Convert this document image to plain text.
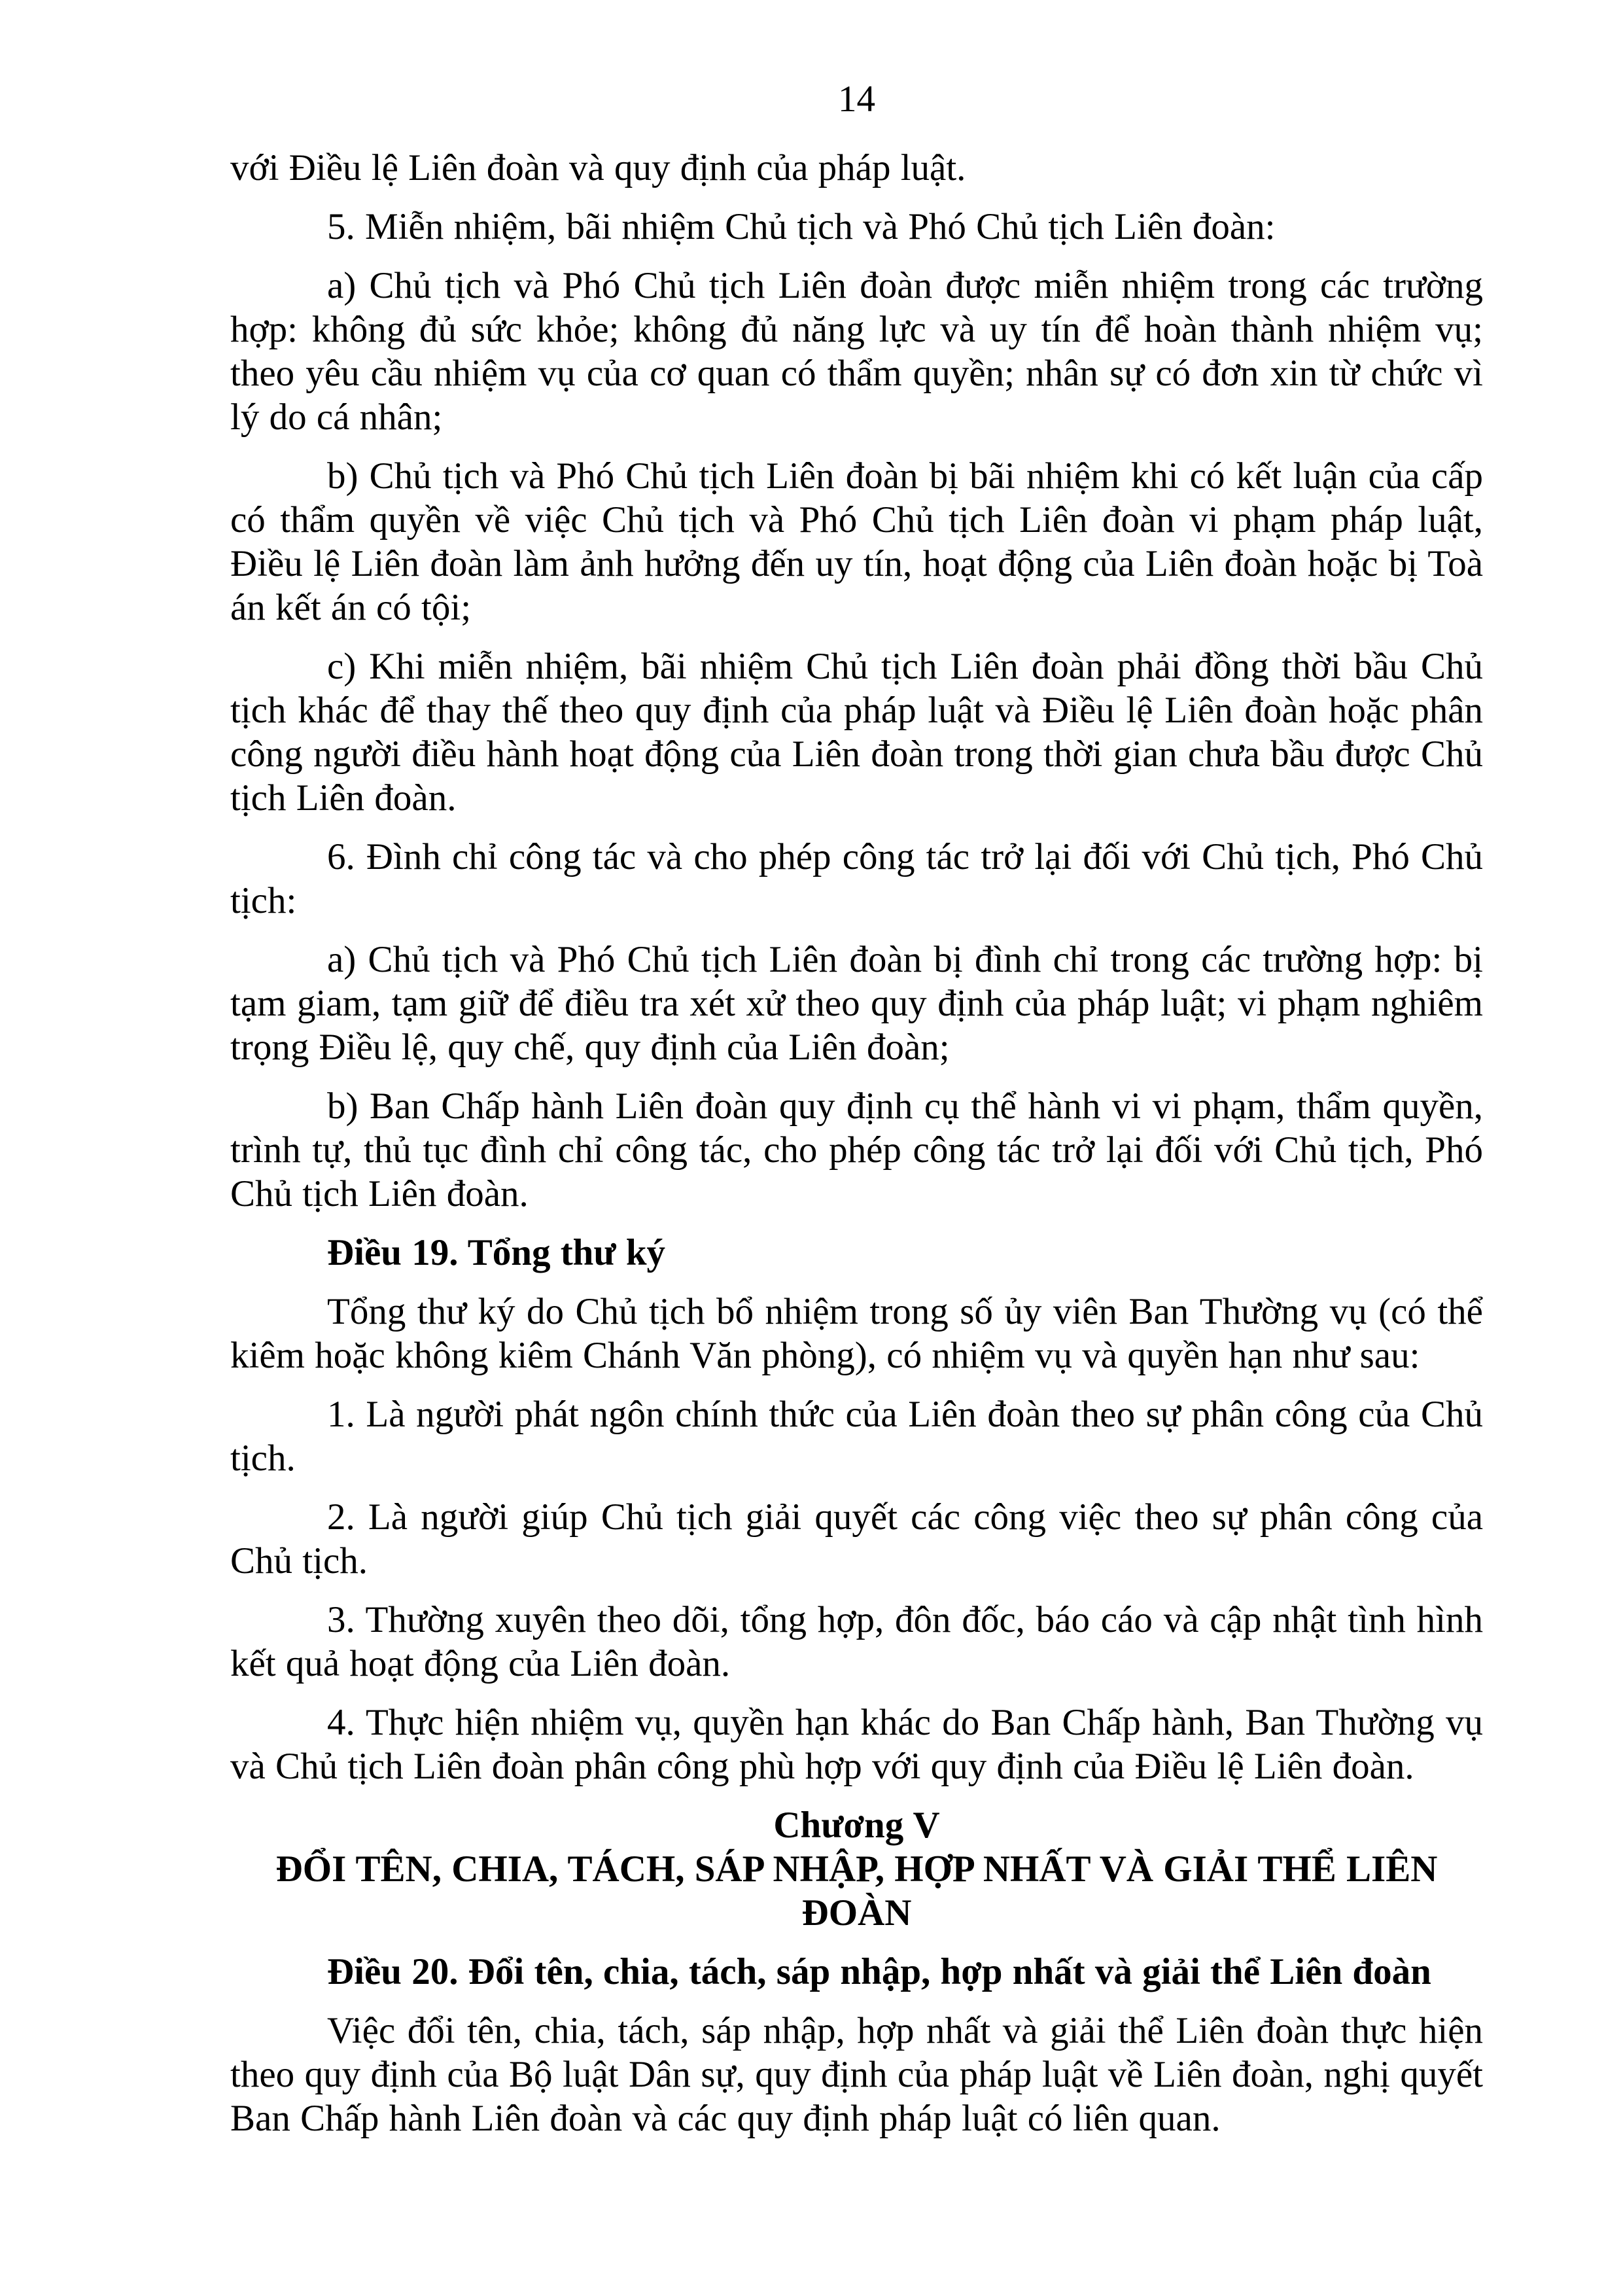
14

với Điều lệ Liên đoàn và quy định của pháp luật.

5. Miễn nhiệm, bãi nhiệm Chủ tịch và Phó Chủ tịch Liên đoàn:

a) Chủ tịch và Phó Chủ tịch Liên đoàn được miễn nhiệm trong các trường hợp: không đủ sức khỏe; không đủ năng lực và uy tín để hoàn thành nhiệm vụ; theo yêu cầu nhiệm vụ của cơ quan có thẩm quyền; nhân sự có đơn xin từ chức vì lý do cá nhân;

b) Chủ tịch và Phó Chủ tịch Liên đoàn bị bãi nhiệm khi có kết luận của cấp có thẩm quyền về việc Chủ tịch và Phó Chủ tịch Liên đoàn vi phạm pháp luật, Điều lệ Liên đoàn làm ảnh hưởng đến uy tín, hoạt động của Liên đoàn hoặc bị Toà án kết án có tội;

c) Khi miễn nhiệm, bãi nhiệm Chủ tịch Liên đoàn phải đồng thời bầu Chủ tịch khác để thay thế theo quy định của pháp luật và Điều lệ Liên đoàn hoặc phân công người điều hành hoạt động của Liên đoàn trong thời gian chưa bầu được Chủ tịch Liên đoàn.

6. Đình chỉ công tác và cho phép công tác trở lại đối với Chủ tịch, Phó Chủ tịch:

a) Chủ tịch và Phó Chủ tịch Liên đoàn bị đình chỉ trong các trường hợp: bị tạm giam, tạm giữ để điều tra xét xử theo quy định của pháp luật; vi phạm nghiêm trọng Điều lệ, quy chế, quy định của Liên đoàn;

b) Ban Chấp hành Liên đoàn quy định cụ thể hành vi vi phạm, thẩm quyền, trình tự, thủ tục đình chỉ công tác, cho phép công tác trở lại đối với Chủ tịch, Phó Chủ tịch Liên đoàn.

Điều 19. Tổng thư ký

Tổng thư ký do Chủ tịch bổ nhiệm trong số ủy viên Ban Thường vụ (có thể kiêm hoặc không kiêm Chánh Văn phòng), có nhiệm vụ và quyền hạn như sau:

1. Là người phát ngôn chính thức của Liên đoàn theo sự phân công của Chủ tịch.

2. Là người giúp Chủ tịch giải quyết các công việc theo sự phân công của Chủ tịch.

3. Thường xuyên theo dõi, tổng hợp, đôn đốc, báo cáo và cập nhật tình hình kết quả hoạt động của Liên đoàn.

4. Thực hiện nhiệm vụ, quyền hạn khác do Ban Chấp hành, Ban Thường vụ và Chủ tịch Liên đoàn phân công phù hợp với quy định của Điều lệ Liên đoàn.

Chương V

ĐỔI TÊN, CHIA, TÁCH, SÁP NHẬP, HỢP NHẤT VÀ GIẢI THỂ LIÊN ĐOÀN

Điều 20. Đổi tên, chia, tách, sáp nhập, hợp nhất và giải thể Liên đoàn

Việc đổi tên, chia, tách, sáp nhập, hợp nhất và giải thể Liên đoàn thực hiện theo quy định của Bộ luật Dân sự, quy định của pháp luật về Liên đoàn, nghị quyết Ban Chấp hành Liên đoàn và các quy định pháp luật có liên quan.
